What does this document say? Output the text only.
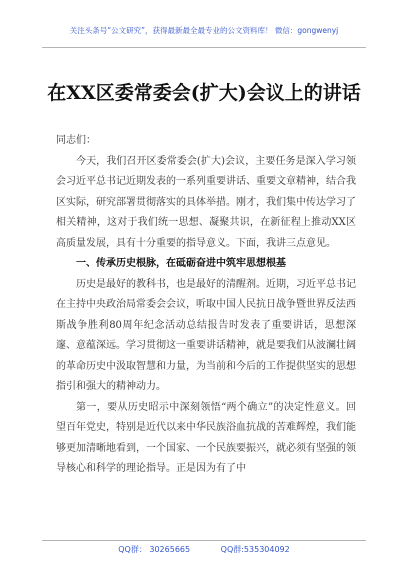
关注头条号“公文研究”，获得最新最全最专业的公文资料库！ 微信：gongwenyj
在XX区委常委会(扩大)会议上的讲话

同志们：

今天，我们召开区委常委会(扩大)会议，主要任务是深入学习领会习近平总书记近期发表的一系列重要讲话、重要文章精神，结合我区实际，研究部署贯彻落实的具体举措。刚才，我们集中传达学习了相关精神，这对于我们统一思想、凝聚共识，在新征程上推动XX区高质量发展，具有十分重要的指导意义。下面，我讲三点意见。

一、传承历史根脉，在砥砺奋进中筑牢思想根基

历史是最好的教科书，也是最好的清醒剂。近期，习近平总书记在主持中央政治局常委会会议，听取中国人民抗日战争暨世界反法西斯战争胜利80周年纪念活动总结报告时发表了重要讲话，思想深邃、意蕴深远。学习贯彻这一重要讲话精神，就是要我们从波澜壮阔的革命历史中汲取智慧和力量，为当前和今后的工作提供坚实的思想指引和强大的精神动力。

第一，要从历史昭示中深刻领悟“两个确立”的决定性意义。回望百年党史，特别是近代以来中华民族浴血抗战的苦难辉煌，我们能够更加清晰地看到，一个国家、一个民族要振兴，就必须有坚强的领导核心和科学的理论指导。正是因为有了中

QQ群： 30265665	QQ群:535304092
